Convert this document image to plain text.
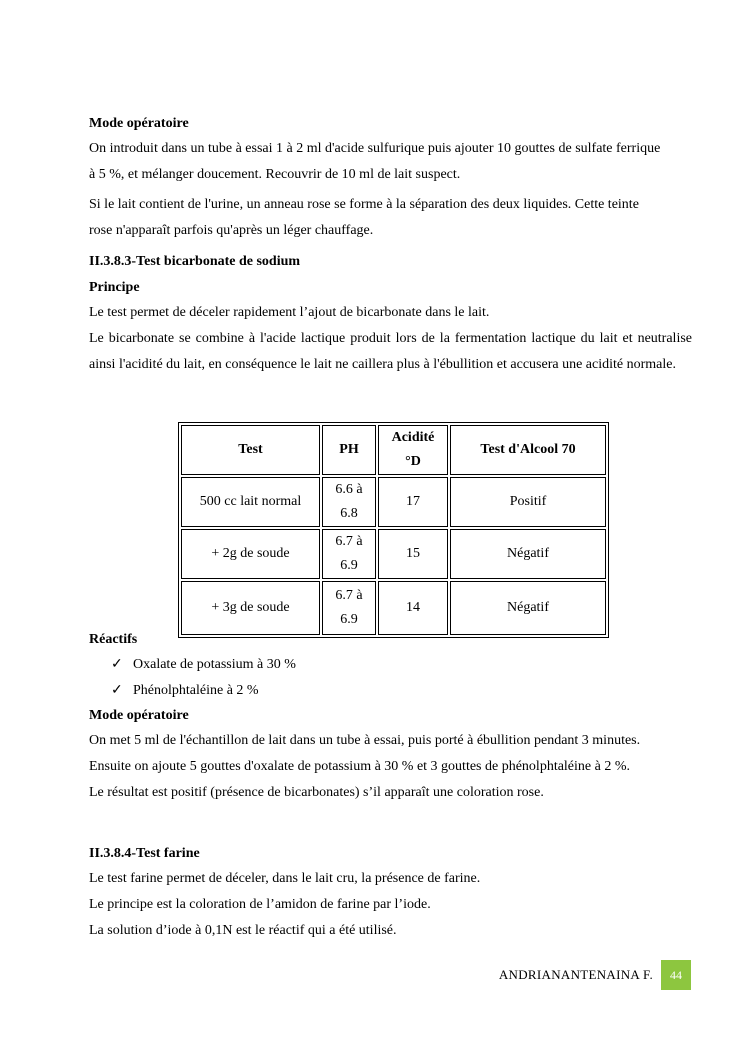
Mode opératoire

On introduit dans un tube à essai 1 à 2 ml d'acide sulfurique puis ajouter 10 gouttes de sulfate ferrique

à 5 %, et mélanger doucement. Recouvrir de 10 ml de lait suspect.

Si le lait contient de l'urine, un anneau rose se forme à la séparation des deux liquides. Cette teinte

rose n'apparaît parfois qu'après un léger chauffage.

II.3.8.3-Test bicarbonate de sodium

Principe

Le test permet de déceler rapidement l’ajout de bicarbonate dans le lait.

Le bicarbonate se combine à l'acide lactique produit lors de la fermentation lactique du lait et neutralise ainsi l'acidité du lait, en conséquence le lait ne caillera plus à l'ébullition et accusera une acidité normale.

Test	PH	Acidité °D	Test d'Alcool 70
500 cc lait normal	6.6 à 6.8	17	Positif
+ 2g de soude	6.7 à 6.9	15	Négatif
+ 3g de soude	6.7 à 6.9	14	Négatif

Réactifs

✓ Oxalate de potassium à 30 %

✓ Phénolphtaléine à 2 %

Mode opératoire

On met 5 ml de l'échantillon de lait dans un tube à essai, puis porté à ébullition pendant 3 minutes.

Ensuite on ajoute 5 gouttes d'oxalate de potassium à 30 % et 3 gouttes de phénolphtaléine à 2 %.

Le résultat est positif (présence de bicarbonates) s’il apparaît une coloration rose.

II.3.8.4-Test farine

Le test farine permet de déceler, dans le lait cru, la présence de farine.

Le principe est la coloration de l’amidon de farine par l’iode.

La solution d’iode à 0,1N est le réactif qui a été utilisé.

ANDRIANANTENAINA F.	44
